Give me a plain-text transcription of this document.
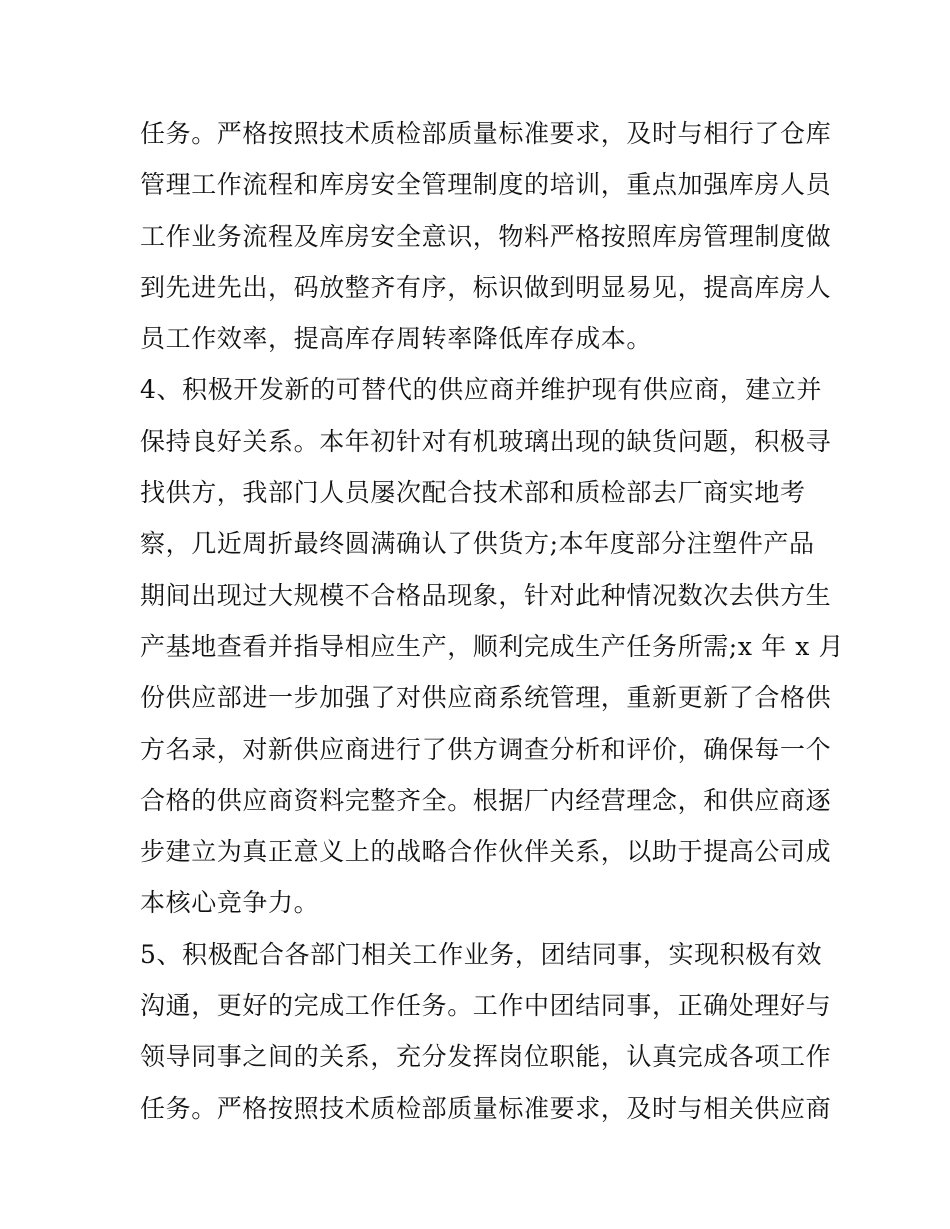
任务。严格按照技术质检部质量标准要求，及时与相行了仓库
管理工作流程和库房安全管理制度的培训，重点加强库房人员
工作业务流程及库房安全意识，物料严格按照库房管理制度做
到先进先出，码放整齐有序，标识做到明显易见，提高库房人
员工作效率，提高库存周转率降低库存成本。
4、积极开发新的可替代的供应商并维护现有供应商，建立并
保持良好关系。本年初针对有机玻璃出现的缺货问题，积极寻
找供方，我部门人员屡次配合技术部和质检部去厂商实地考
察，几近周折最终圆满确认了供货方;本年度部分注塑件产品
期间出现过大规模不合格品现象，针对此种情况数次去供方生
产基地查看并指导相应生产，顺利完成生产任务所需;x 年 x 月
份供应部进一步加强了对供应商系统管理，重新更新了合格供
方名录，对新供应商进行了供方调查分析和评价，确保每一个
合格的供应商资料完整齐全。根据厂内经营理念，和供应商逐
步建立为真正意义上的战略合作伙伴关系，以助于提高公司成
本核心竞争力。
5、积极配合各部门相关工作业务，团结同事，实现积极有效
沟通，更好的完成工作任务。工作中团结同事，正确处理好与
领导同事之间的关系，充分发挥岗位职能，认真完成各项工作
任务。严格按照技术质检部质量标准要求，及时与相关供应商
